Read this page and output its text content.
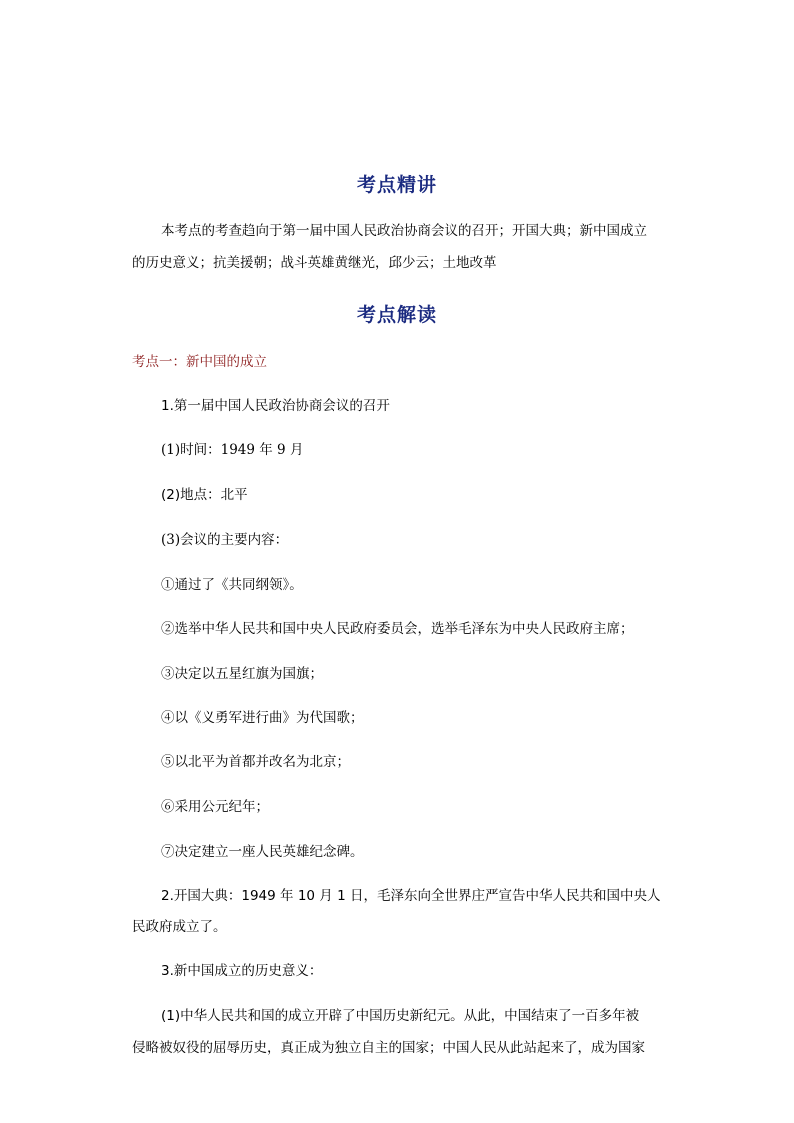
考点精讲
本考点的考查趋向于第一届中国人民政治协商会议的召开；开国大典；新中国成立
的历史意义；抗美援朝；战斗英雄黄继光，邱少云；土地改革
考点解读
考点一：新中国的成立
1.第一届中国人民政治协商会议的召开
(1)时间：1949 年 9 月
(2)地点：北平
(3)会议的主要内容：
①通过了《共同纲领》。
②选举中华人民共和国中央人民政府委员会，选举毛泽东为中央人民政府主席；
③决定以五星红旗为国旗；
④以《义勇军进行曲》为代国歌；
⑤以北平为首都并改名为北京；
⑥采用公元纪年；
⑦决定建立一座人民英雄纪念碑。
2.开国大典：1949 年 10 月 1 日，毛泽东向全世界庄严宣告中华人民共和国中央人
民政府成立了。
3.新中国成立的历史意义：
(1)中华人民共和国的成立开辟了中国历史新纪元。从此，中国结束了一百多年被
侵略被奴役的屈辱历史，真正成为独立自主的国家；中国人民从此站起来了，成为国家
